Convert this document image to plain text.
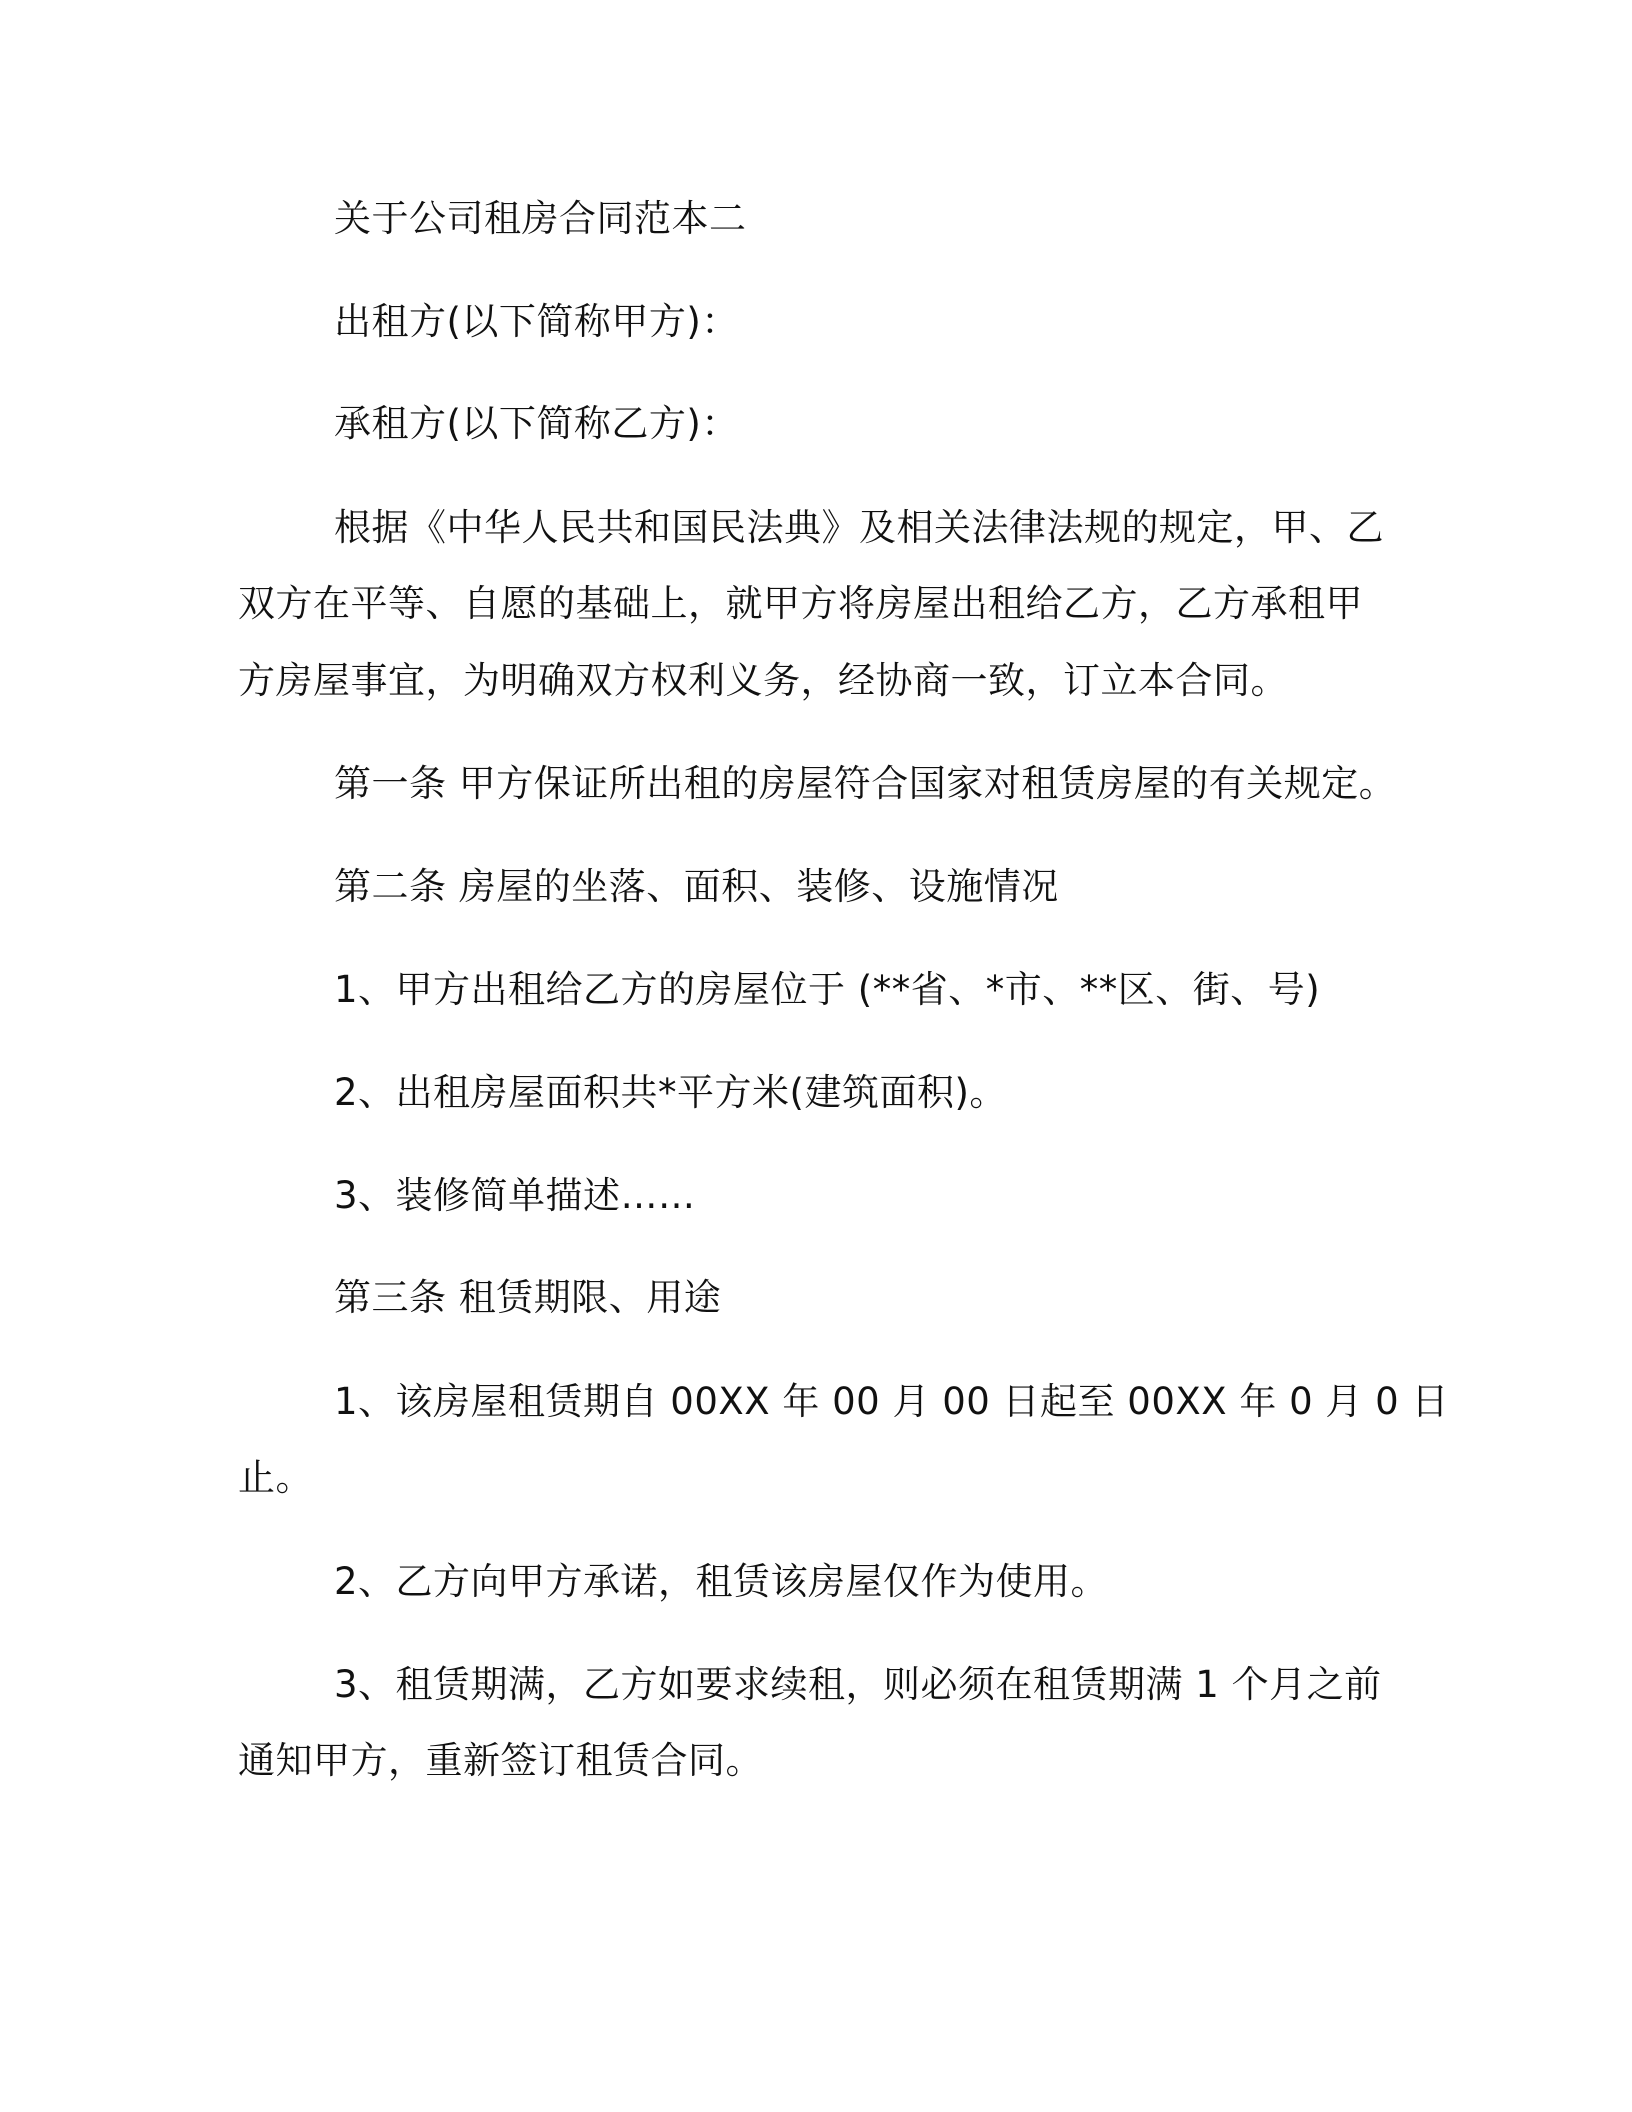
关于公司租房合同范本二
出租方(以下简称甲方)：
承租方(以下简称乙方)：
根据《中华人民共和国民法典》及相关法律法规的规定，甲、乙
双方在平等、自愿的基础上，就甲方将房屋出租给乙方，乙方承租甲
方房屋事宜，为明确双方权利义务，经协商一致，订立本合同。
第一条 甲方保证所出租的房屋符合国家对租赁房屋的有关规定。
第二条 房屋的坐落、面积、装修、设施情况
1、甲方出租给乙方的房屋位于 (**省、*市、**区、街、号)
2、出租房屋面积共*平方米(建筑面积)。
3、装修简单描述……
第三条 租赁期限、用途
1、该房屋租赁期自 00XX 年 00 月 00 日起至 00XX 年 0 月 0 日
止。
2、乙方向甲方承诺，租赁该房屋仅作为使用。
3、租赁期满，乙方如要求续租，则必须在租赁期满 1 个月之前
通知甲方，重新签订租赁合同。
